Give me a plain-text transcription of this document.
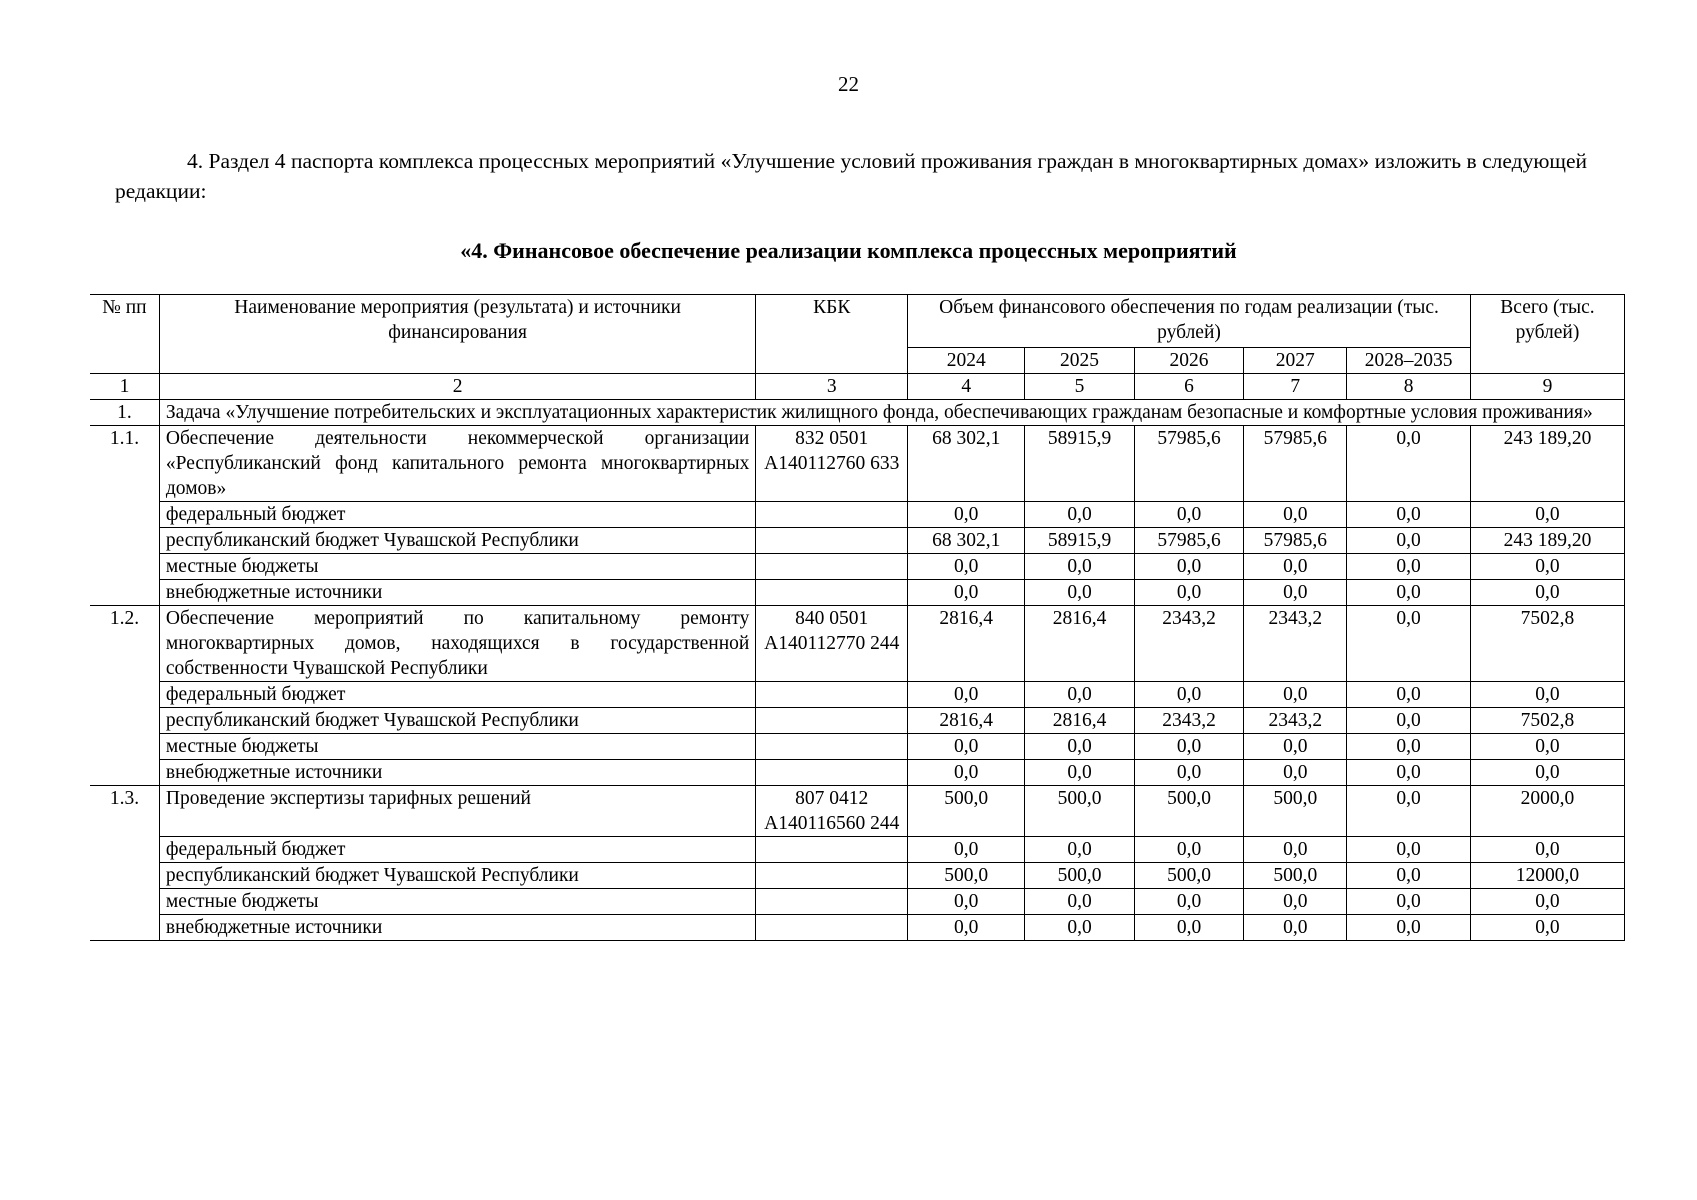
22

4. Раздел 4 паспорта комплекса процессных мероприятий «Улучшение условий проживания граждан в многоквартирных домах» изложить в следующей редакции:

«4. Финансовое обеспечение реализации комплекса процессных мероприятий
№ пп	Наименование мероприятия (результата) и источники финансирования	КБК	Объем финансового обеспечения по годам реализации (тыс. рублей)					Всего (тыс. рублей)
			2024	2025	2026	2027	2028–2035	
1	2	3	4	5	6	7	8	9
1.	Задача «Улучшение потребительских и эксплуатационных характеристик жилищного фонда, обеспечивающих гражданам безопасные и комфортные условия проживания»							
1.1.	Обеспечение деятельности некоммерческой организации «Республиканский фонд капитального ремонта многоквартирных домов»	832 0501 А140112760 633	68 302,1	58915,9	57985,6	57985,6	0,0	243 189,20
	федеральный бюджет		0,0	0,0	0,0	0,0	0,0	0,0
	республиканский бюджет Чувашской Республики		68 302,1	58915,9	57985,6	57985,6	0,0	243 189,20
	местные бюджеты		0,0	0,0	0,0	0,0	0,0	0,0
	внебюджетные источники		0,0	0,0	0,0	0,0	0,0	0,0
1.2.	Обеспечение мероприятий по капитальному ремонту многоквартирных домов, находящихся в государственной собственности Чувашской Республики	840 0501 А140112770 244	2816,4	2816,4	2343,2	2343,2	0,0	7502,8
	федеральный бюджет		0,0	0,0	0,0	0,0	0,0	0,0
	республиканский бюджет Чувашской Республики		2816,4	2816,4	2343,2	2343,2	0,0	7502,8
	местные бюджеты		0,0	0,0	0,0	0,0	0,0	0,0
	внебюджетные источники		0,0	0,0	0,0	0,0	0,0	0,0
1.3.	Проведение экспертизы тарифных решений	807 0412 А140116560 244	500,0	500,0	500,0	500,0	0,0	2000,0
	федеральный бюджет		0,0	0,0	0,0	0,0	0,0	0,0
	республиканский бюджет Чувашской Республики		500,0	500,0	500,0	500,0	0,0	12000,0
	местные бюджеты		0,0	0,0	0,0	0,0	0,0	0,0
	внебюджетные источники		0,0	0,0	0,0	0,0	0,0	0,0
